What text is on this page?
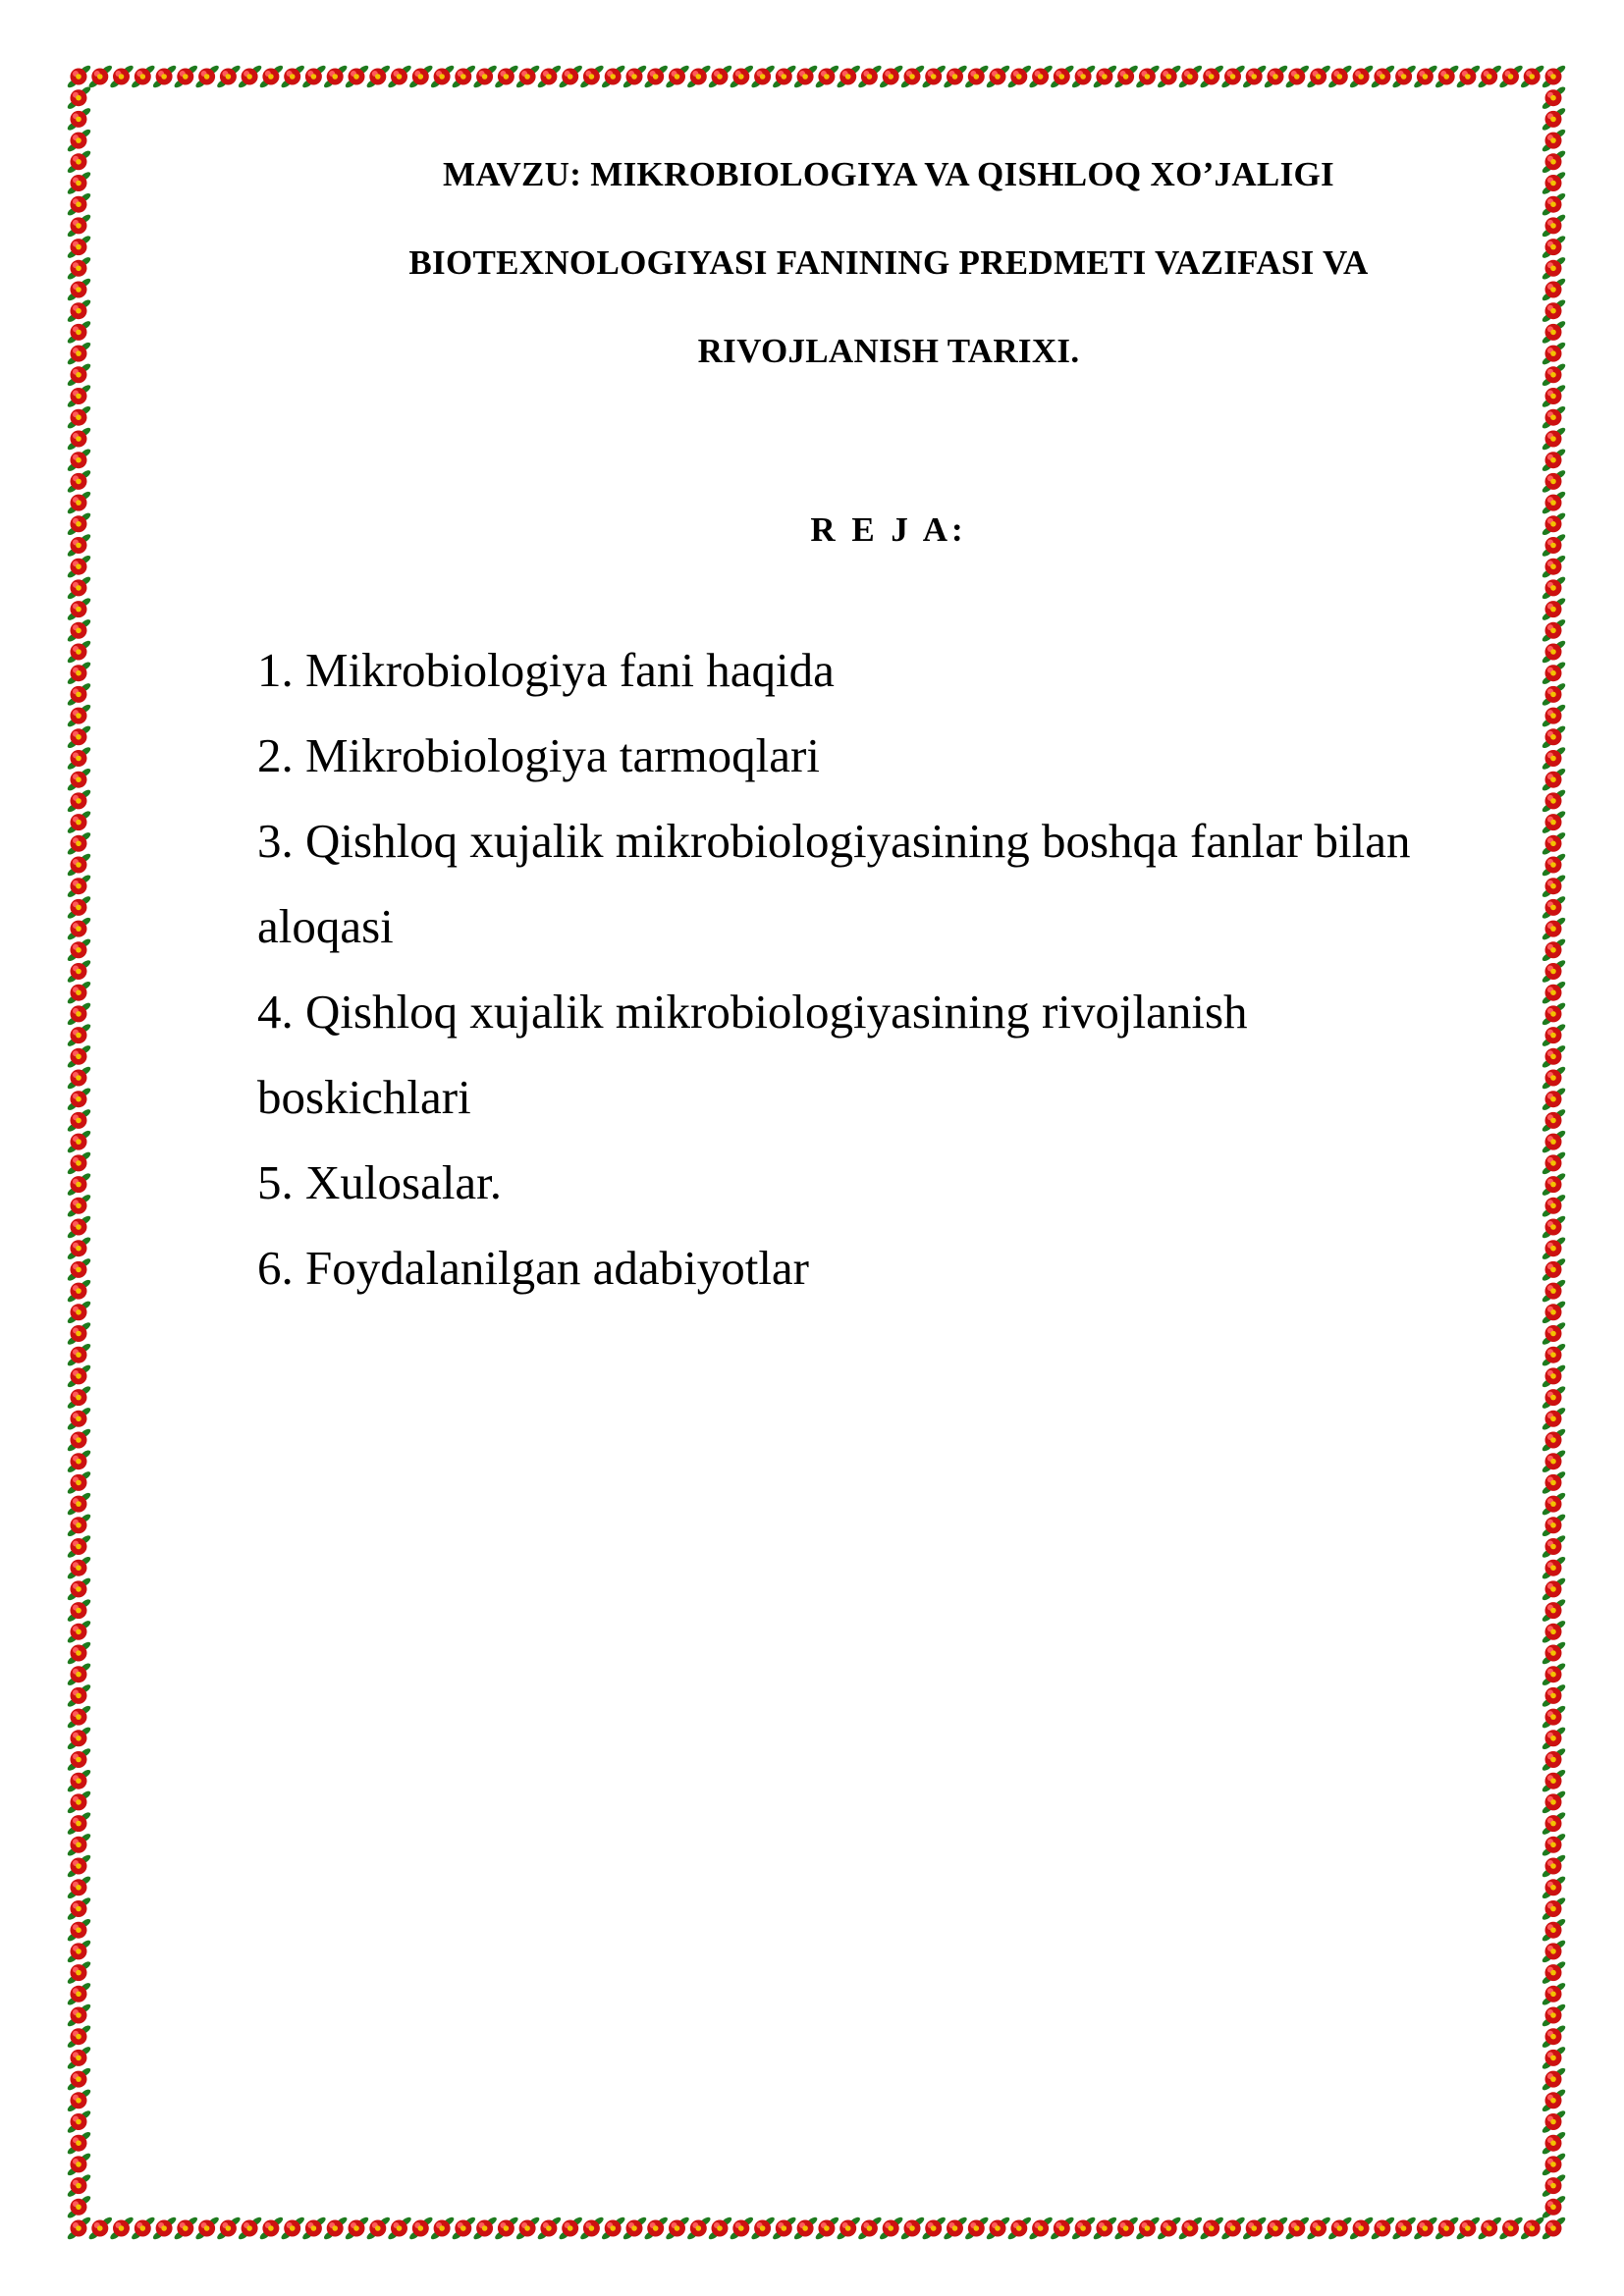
MAVZU: MIKROBIOLOGIYA VA QISHLOQ XO’JALIGI
BIOTEXNOLOGIYASI FANINING PREDMETI VAZIFASI VA
RIVOJLANISH TARIXI.
R E J A:
1. Mikrobiologiya fani haqida
2. Mikrobiologiya tarmoqlari
3. Qishloq xujalik mikrobiologiyasining boshqa fanlar bilan
aloqasi
4. Qishloq xujalik mikrobiologiyasining rivojlanish
boskichlari
5. Xulosalar.
6. Foydalanilgan adabiyotlar
